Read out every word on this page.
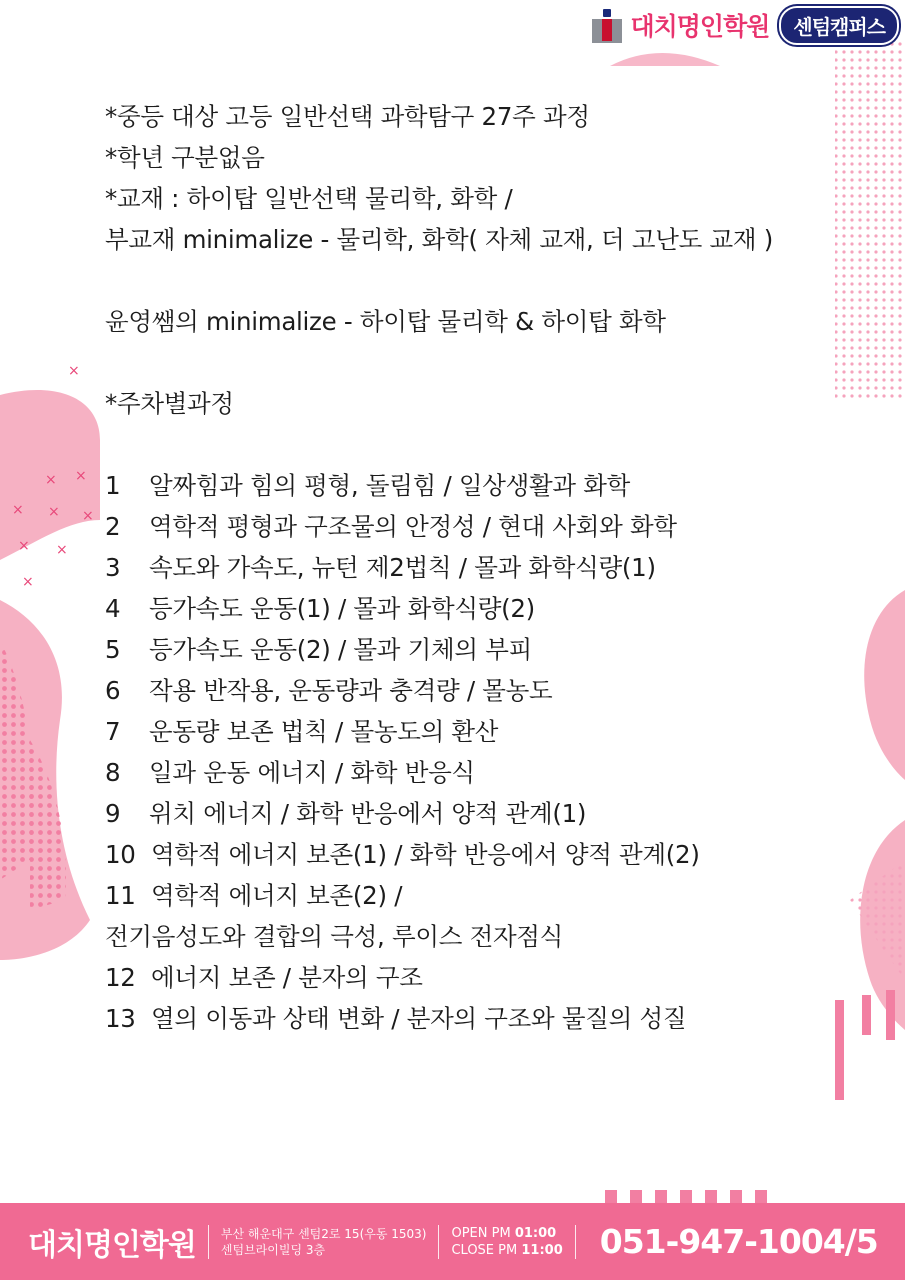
×
× ×
× × ×
× ×
×
대치명인학원	센텀캠퍼스

*중등 대상 고등 일반선택 과학탐구 27주 과정

*학년 구분없음

*교재 : 하이탑 일반선택 물리학, 화학 /

부교재 minimalize - 물리학, 화학( 자체 교재, 더 고난도 교재 )

윤영쌤의 minimalize - 하이탑 물리학 & 하이탑 화학

*주차별과정

1	알짜힘과 힘의 평형, 돌림힘 / 일상생활과 화학
2	역학적 평형과 구조물의 안정성 / 현대 사회와 화학
3	속도와 가속도, 뉴턴 제2법칙 / 몰과 화학식량(1)
4	등가속도 운동(1) / 몰과 화학식량(2)
5	등가속도 운동(2) / 몰과 기체의 부피
6	작용 반작용, 운동량과 충격량 / 몰농도
7	운동량 보존 법칙 / 몰농도의 환산
8	일과 운동 에너지 / 화학 반응식
9	위치 에너지 / 화학 반응에서 양적 관계(1)
10 역학적 에너지 보존(1) / 화학 반응에서 양적 관계(2)
11 역학적 에너지 보존(2) /
전기음성도와 결합의 극성, 루이스 전자점식
12 에너지 보존 / 분자의 구조
13 열의 이동과 상태 변화 / 분자의 구조와 물질의 성질
대치명인학원 부산 해운대구 센텀2로 15(우동 1503)
센텀브라이빌딩 3층
OPEN PM 01:00
CLOSE PM 11:00 051-947-1004/5
